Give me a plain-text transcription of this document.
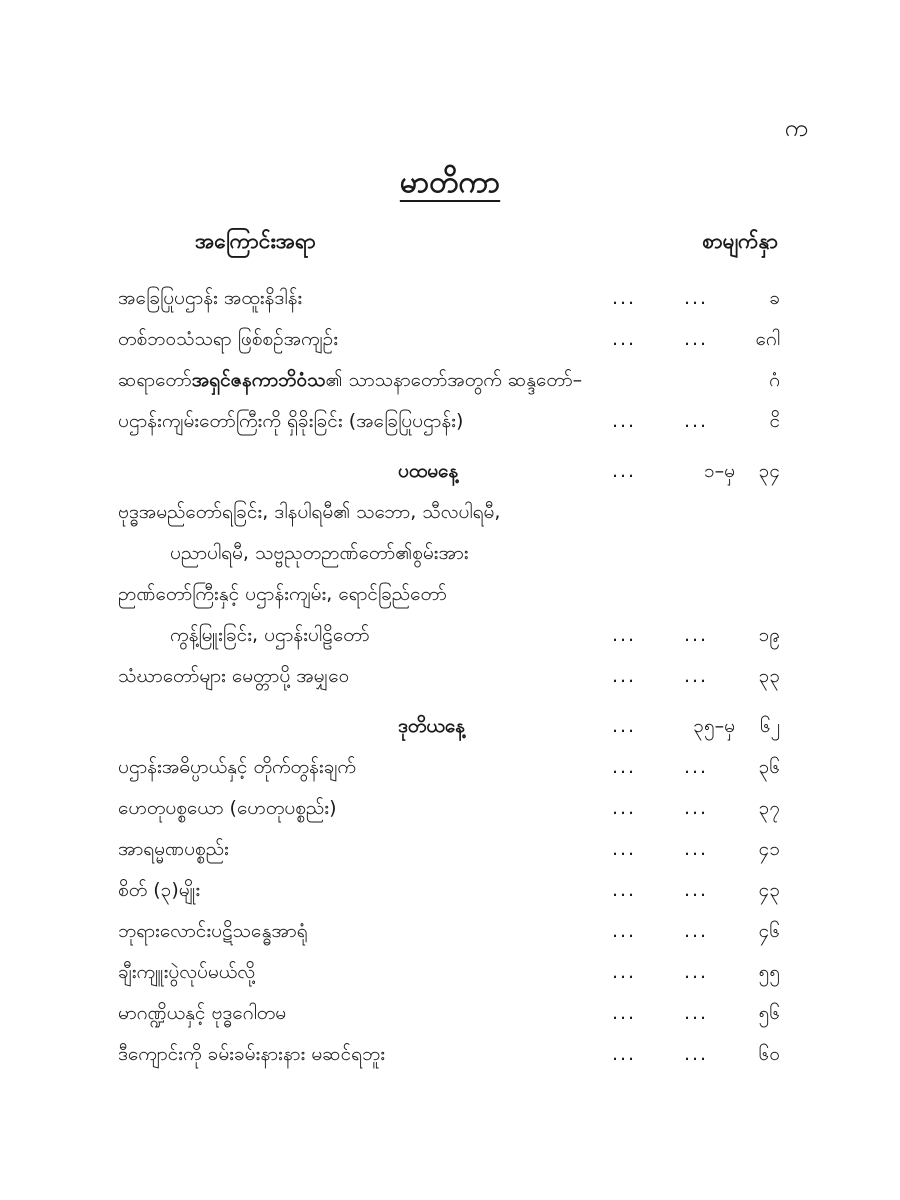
က
မာတိကာ
အကြောင်းအရာ	စာမျက်နှာ
အခြေပြုပဌာန်း အထူးနိဒါန်း	...	...	ခ
တစ်ဘဝသံသရာ ဖြစ်စဉ်အကျဉ်း	...	...	ဂေါ
ဆရာတော်အရှင်ဇနကာဘိဝံသ၏ သာသနာတော်အတွက် ဆန္ဒတော်–	ဂံ
ပဌာန်းကျမ်းတော်ကြီးကို ရှိခိုးခြင်း (အခြေပြုပဌာန်း)	...	...	ငိ
ပထမနေ့	...	၁–မှ	၃၄
ဗုဒ္ဓအမည်တော်ရခြင်း, ဒါနပါရမီ၏ သဘော, သီလပါရမီ,
ပညာပါရမီ, သဗ္ဗညုတဉာဏ်တော်၏စွမ်းအား
ဉာဏ်တော်ကြီးနှင့် ပဌာန်းကျမ်း, ရောင်ခြည်တော်
ကွန့်မြူးခြင်း, ပဌာန်းပါဠိတော်	...	...	၁၉
သံဃာတော်များ မေတ္တာပို့ အမျှဝေ	...	...	၃၃
ဒုတိယနေ့	...	၃၅–မှ	၆၂
ပဌာန်းအဓိပ္ပာယ်နှင့် တိုက်တွန်းချက်	...	...	၃၆
ဟေတုပစ္စယော (ဟေတုပစ္စည်း)	...	...	၃၇
အာရမ္မဏပစ္စည်း	...	...	၄၁
စိတ် (၃)မျိုး	...	...	၄၃
ဘုရားလောင်းပဋိသန္ဓေအာရုံ	...	...	၄၆
ချီးကျူးပွဲလုပ်မယ်လို့	...	...	၅၅
မာဂဏ္ဍိယနှင့် ဗုဒ္ဓဂေါတမ	...	...	၅၆
ဒီကျောင်းကို ခမ်းခမ်းနားနား မဆင်ရဘူး	...	...	၆၀
